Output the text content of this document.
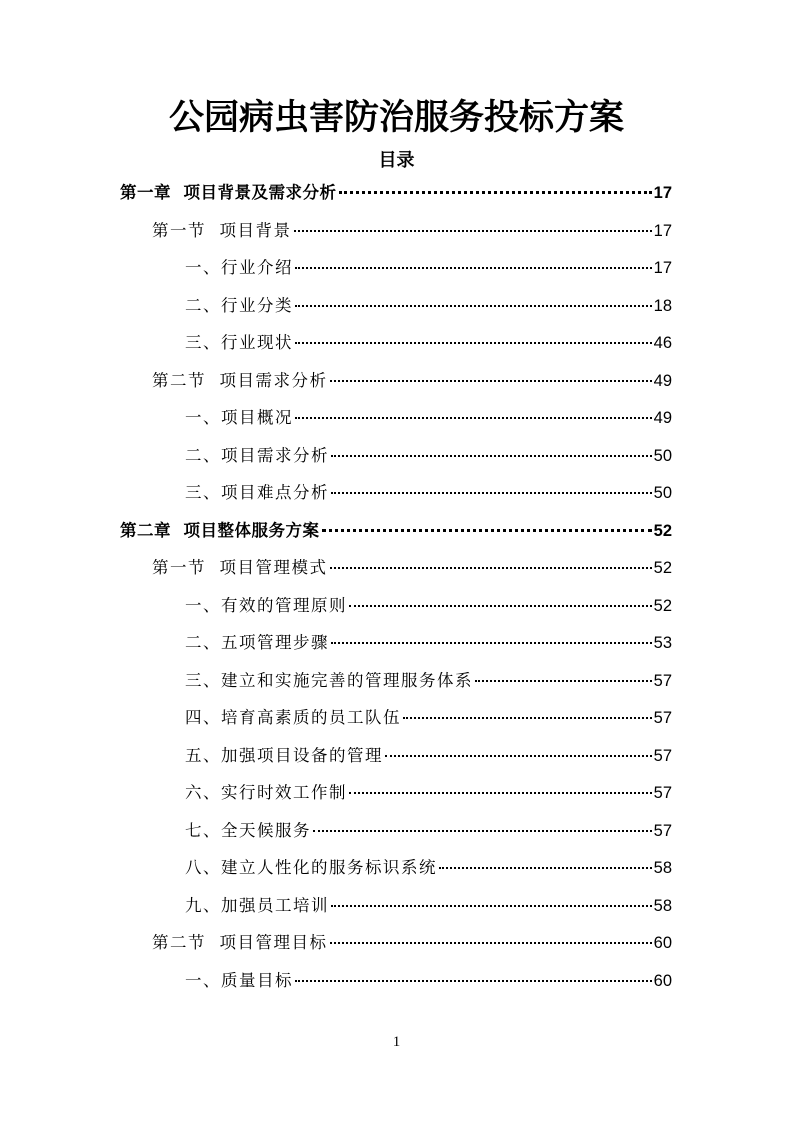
公园病虫害防治服务投标方案
目录
第一章  项目背景及需求分析	17
第一节  项目背景	17
一、行业介绍	17
二、行业分类	18
三、行业现状	46
第二节  项目需求分析	49
一、项目概况	49
二、项目需求分析	50
三、项目难点分析	50
第二章  项目整体服务方案	52
第一节  项目管理模式	52
一、有效的管理原则	52
二、五项管理步骤	53
三、建立和实施完善的管理服务体系	57
四、培育高素质的员工队伍	57
五、加强项目设备的管理	57
六、实行时效工作制	57
七、全天候服务	57
八、建立人性化的服务标识系统	58
九、加强员工培训	58
第二节  项目管理目标	60
一、质量目标	60
1
